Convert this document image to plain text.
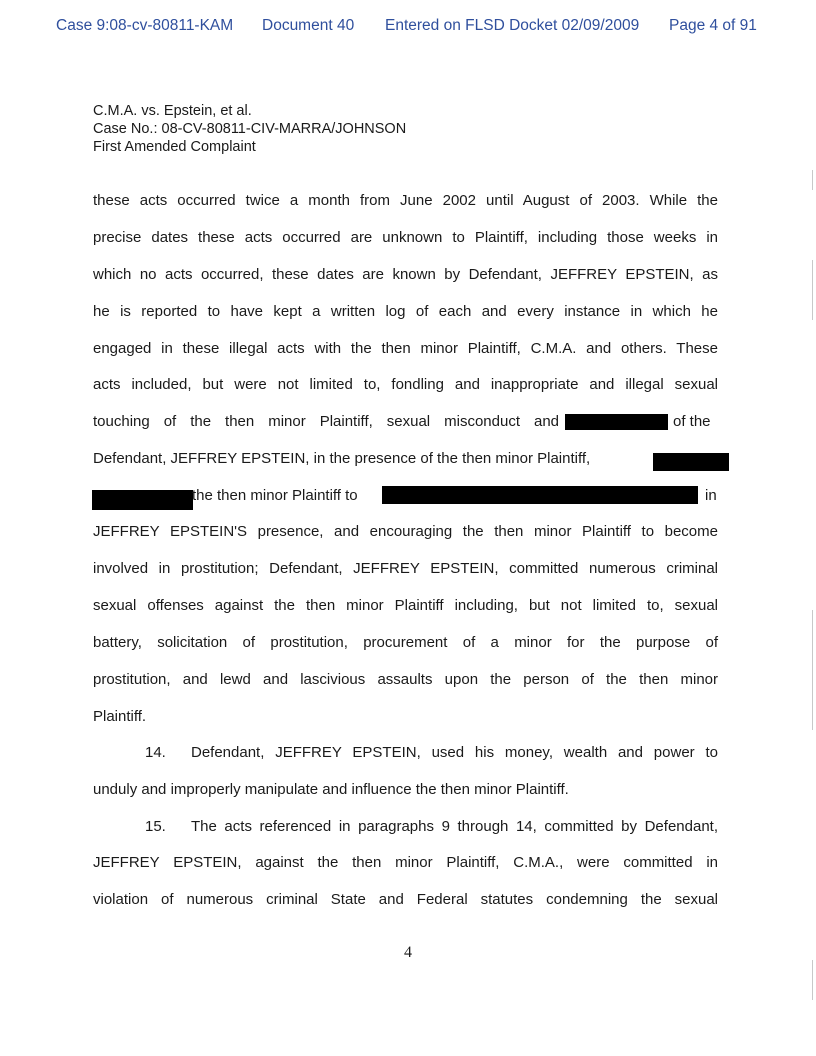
Case 9:08-cv-80811-KAM Document 40 Entered on FLSD Docket 02/09/2009 Page 4 of 91
C.M.A. vs. Epstein, et al.
Case No.: 08-CV-80811-CIV-MARRA/JOHNSON
First Amended Complaint
these acts occurred twice a month from June 2002 until August of 2003. While the
precise dates these acts occurred are unknown to Plaintiff, including those weeks in
which no acts occurred, these dates are known by Defendant, JEFFREY EPSTEIN, as
he is reported to have kept a written log of each and every instance in which he
engaged in these illegal acts with the then minor Plaintiff, C.M.A. and others. These
acts included, but were not limited to, fondling and inappropriate and illegal sexual
touching of the then minor Plaintiff, sexual misconduct and	of the
Defendant, JEFFREY EPSTEIN, in the presence of the then minor Plaintiff,
the then minor Plaintiff to	in
JEFFREY EPSTEIN'S presence, and encouraging the then minor Plaintiff to become
involved in prostitution; Defendant, JEFFREY EPSTEIN, committed numerous criminal
sexual offenses against the then minor Plaintiff including, but not limited to, sexual
battery, solicitation of prostitution, procurement of a minor for the purpose of
prostitution, and lewd and lascivious assaults upon the person of the then minor
Plaintiff.
14. Defendant, JEFFREY EPSTEIN, used his money, wealth and power to
unduly and improperly manipulate and influence the then minor Plaintiff.
15. The acts referenced in paragraphs 9 through 14, committed by Defendant,
JEFFREY EPSTEIN, against the then minor Plaintiff, C.M.A., were committed in
violation of numerous criminal State and Federal statutes condemning the sexual
4
